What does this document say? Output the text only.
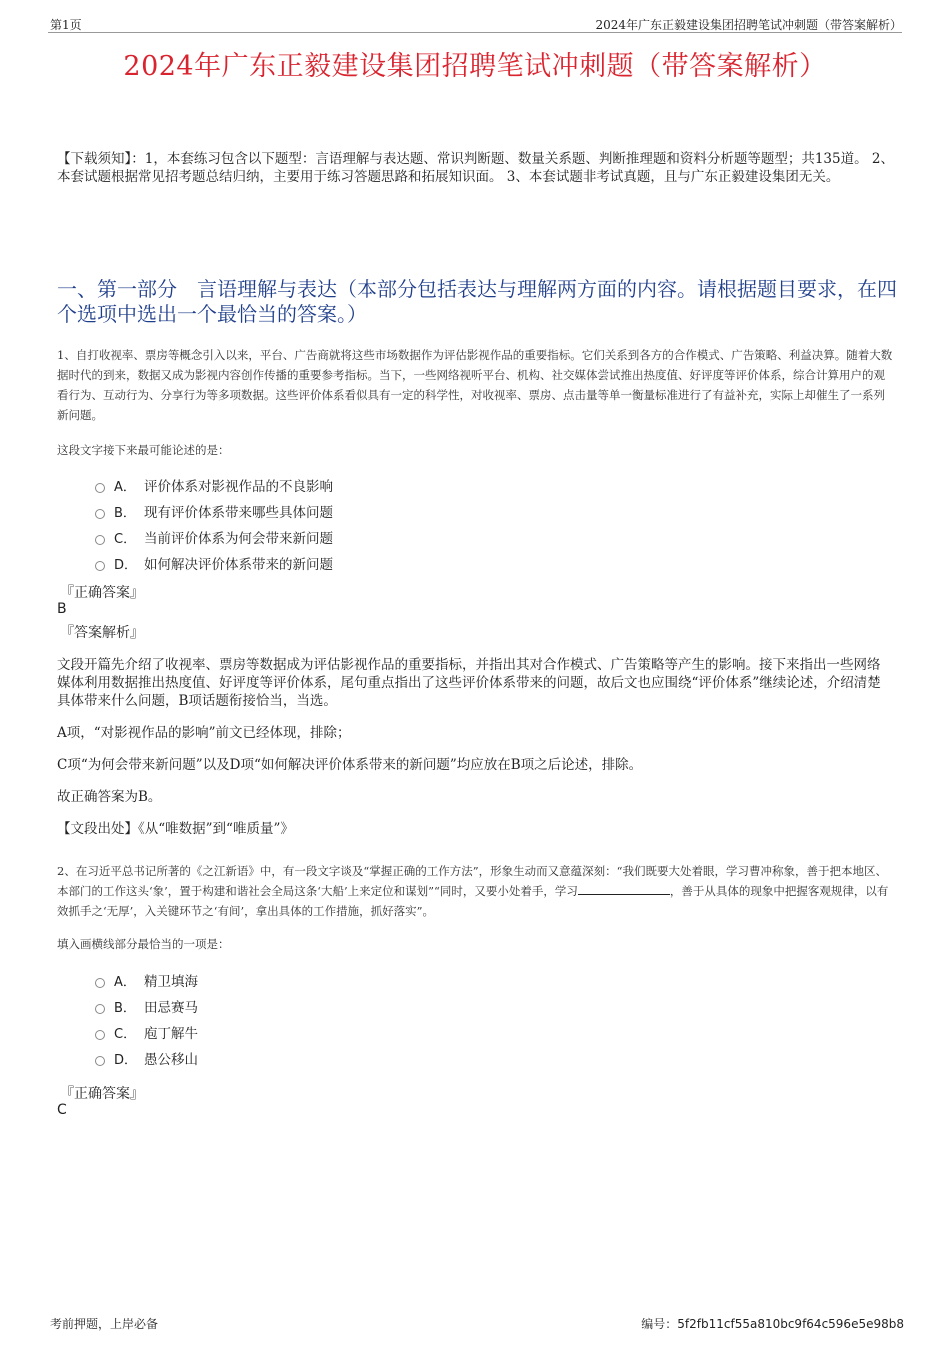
第1页	2024年广东正毅建设集团招聘笔试冲刺题（带答案解析）
2024年广东正毅建设集团招聘笔试冲刺题（带答案解析）
【下载须知】：1，本套练习包含以下题型：言语理解与表达题、常识判断题、数量关系题、判断推理题和资料分析题等题型；共135道。 2、本套试题根据常见招考题总结归纳，主要用于练习答题思路和拓展知识面。 3、本套试题非考试真题，且与广东正毅建设集团无关。
一、第一部分　言语理解与表达（本部分包括表达与理解两方面的内容。请根据题目要求，在四个选项中选出一个最恰当的答案。）
1、自打收视率、票房等概念引入以来，平台、广告商就将这些市场数据作为评估影视作品的重要指标。它们关系到各方的合作模式、广告策略、利益决算。随着大数据时代的到来，数据又成为影视内容创作传播的重要参考指标。当下，一些网络视听平台、机构、社交媒体尝试推出热度值、好评度等评价体系，综合计算用户的观看行为、互动行为、分享行为等多项数据。这些评价体系看似具有一定的科学性，对收视率、票房、点击量等单一衡量标准进行了有益补充，实际上却催生了一系列新问题。
这段文字接下来最可能论述的是：
A． 评价体系对影视作品的不良影响
B． 现有评价体系带来哪些具体问题
C． 当前评价体系为何会带来新问题
D． 如何解决评价体系带来的新问题
『正确答案』
B
『答案解析』

文段开篇先介绍了收视率、票房等数据成为评估影视作品的重要指标，并指出其对合作模式、广告策略等产生的影响。接下来指出一些网络媒体利用数据推出热度值、好评度等评价体系，尾句重点指出了这些评价体系带来的问题，故后文也应围绕“评价体系”继续论述，介绍清楚具体带来什么问题，B项话题衔接恰当，当选。

A项，“对影视作品的影响”前文已经体现，排除；

C项“为何会带来新问题”以及D项“如何解决评价体系带来的新问题”均应放在B项之后论述，排除。

故正确答案为B。

【文段出处】《从“唯数据”到“唯质量”》

2、在习近平总书记所著的《之江新语》中，有一段文字谈及“掌握正确的工作方法”，形象生动而又意蕴深刻：“我们既要大处着眼，学习曹冲称象，善于把本地区、本部门的工作这头‘象’，置于构建和谐社会全局这条‘大船’上来定位和谋划”“同时，又要小处着手，学习	，善于从具体的现象中把握客观规律，以有效抓手之‘无厚’，入关键环节之‘有间’，拿出具体的工作措施，抓好落实”。
填入画横线部分最恰当的一项是：
A． 精卫填海
B． 田忌赛马
C． 庖丁解牛
D． 愚公移山
『正确答案』
C
考前押题，上岸必备	编号：5f2fb11cf55a810bc9f64c596e5e98b8
